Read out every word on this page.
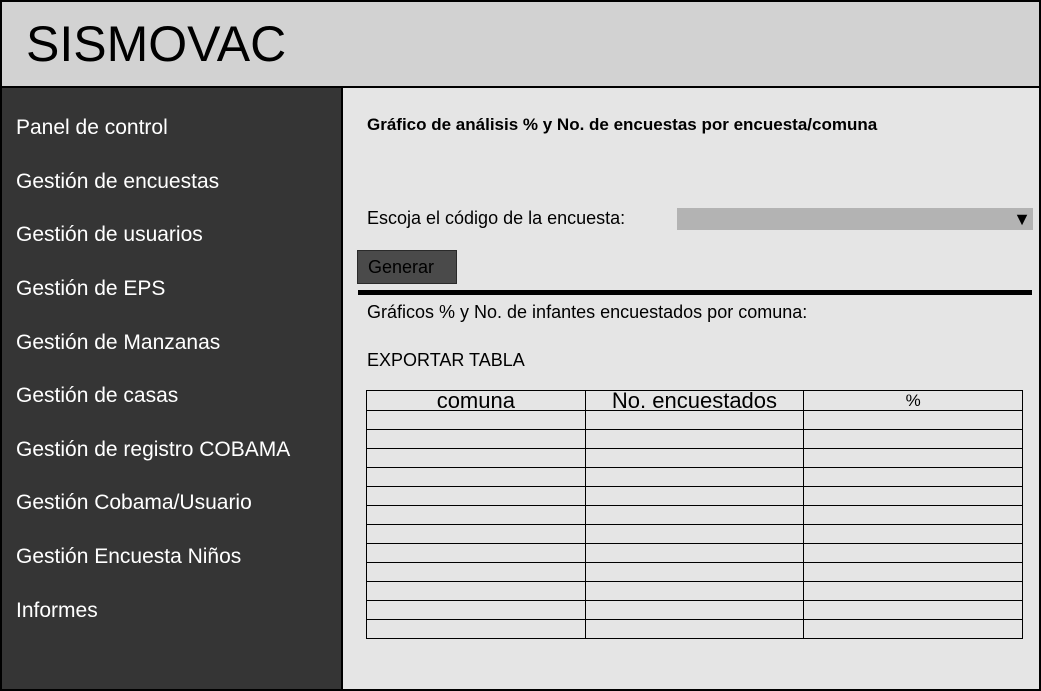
SISMOVAC
Panel de control
Gestión de encuestas
Gestión de usuarios
Gestión de EPS
Gestión de Manzanas
Gestión de casas
Gestión de registro COBAMA
Gestión Cobama/Usuario
Gestión Encuesta Niños
Informes
Gráfico de análisis % y No. de encuestas por encuesta/comuna
Escoja el código de la encuesta:	▼
Generar
Gráficos % y No. de infantes encuestados por comuna:
EXPORTAR TABLA
comuna	No. encuestados	%
